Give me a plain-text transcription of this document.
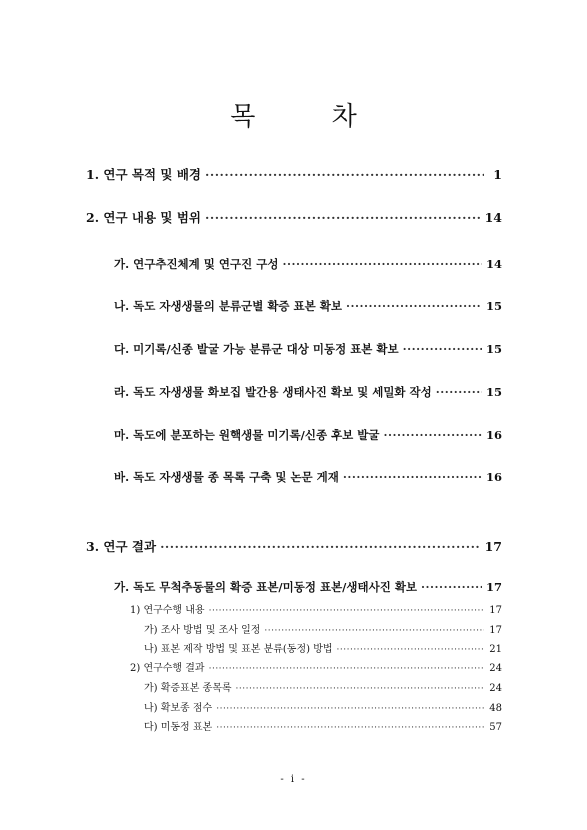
목 차
1. 연구 목적 및 배경 ·····	1
2. 연구 내용 및 범위 ·····	14
가. 연구추진체계 및 연구진 구성 ·····	14
나. 독도 자생생물의 분류군별 확증 표본 확보 ·····	15
다. 미기록/신종 발굴 가능 분류군 대상 미동정 표본 확보 ·····	15
라. 독도 자생생물 화보집 발간용 생태사진 확보 및 세밀화 작성 ·····	15
마. 독도에 분포하는 원핵생물 미기록/신종 후보 발굴 ·····	16
바. 독도 자생생물 종 목록 구축 및 논문 게재 ·····	16
3. 연구 결과 ·····	17
가. 독도 무척추동물의 확증 표본/미동정 표본/생태사진 확보 ·····	17
1) 연구수행 내용 ·····	17
가) 조사 방법 및 조사 일정 ·····	17
나) 표본 제작 방법 및 표본 분류(동정) 방법 ·····	21
2) 연구수행 결과 ·····	24
가) 확증표본 종목록 ·····	24
나) 확보종 점수 ·····	48
다) 미동정 표본 ·····	57
- i -
